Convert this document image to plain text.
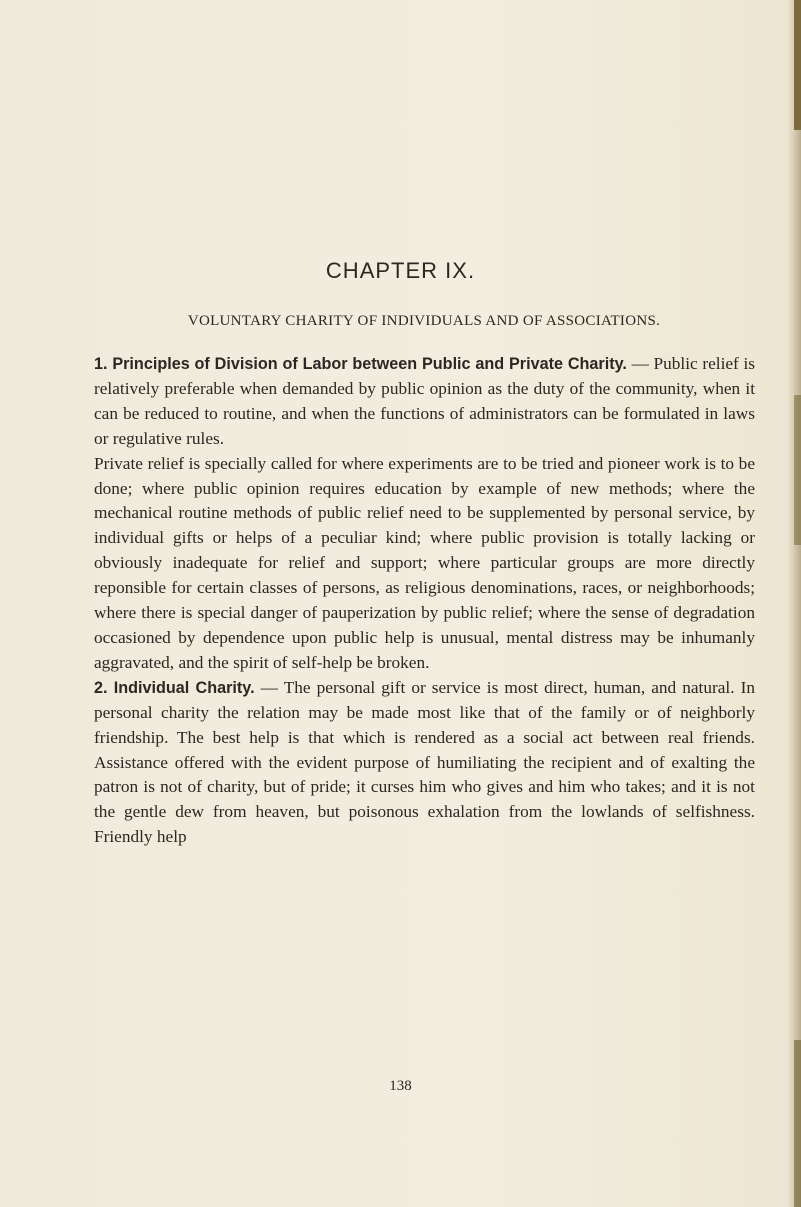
CHAPTER IX.
VOLUNTARY CHARITY OF INDIVIDUALS AND OF ASSOCIATIONS.

1. Principles of Division of Labor between Public and Private Charity. — Public relief is relatively preferable when demanded by public opinion as the duty of the community, when it can be reduced to routine, and when the functions of administrators can be formulated in laws or regulative rules.

Private relief is specially called for where experiments are to be tried and pioneer work is to be done; where public opinion requires education by example of new methods; where the mechanical routine methods of public relief need to be supplemented by personal service, by individual gifts or helps of a peculiar kind; where public provision is totally lacking or obviously inadequate for relief and support; where particular groups are more directly reponsible for certain classes of persons, as religious denominations, races, or neighborhoods; where there is special danger of pauperization by public relief; where the sense of degradation occasioned by dependence upon public help is unusual, mental distress may be inhumanly aggravated, and the spirit of self-help be broken.

2. Individual Charity. — The personal gift or service is most direct, human, and natural. In personal charity the relation may be made most like that of the family or of neighborly friendship. The best help is that which is rendered as a social act between real friends. Assistance offered with the evident purpose of humiliating the recipient and of exalting the patron is not of charity, but of pride; it curses him who gives and him who takes; and it is not the gentle dew from heaven, but poisonous exhalation from the lowlands of selfishness. Friendly help

138
